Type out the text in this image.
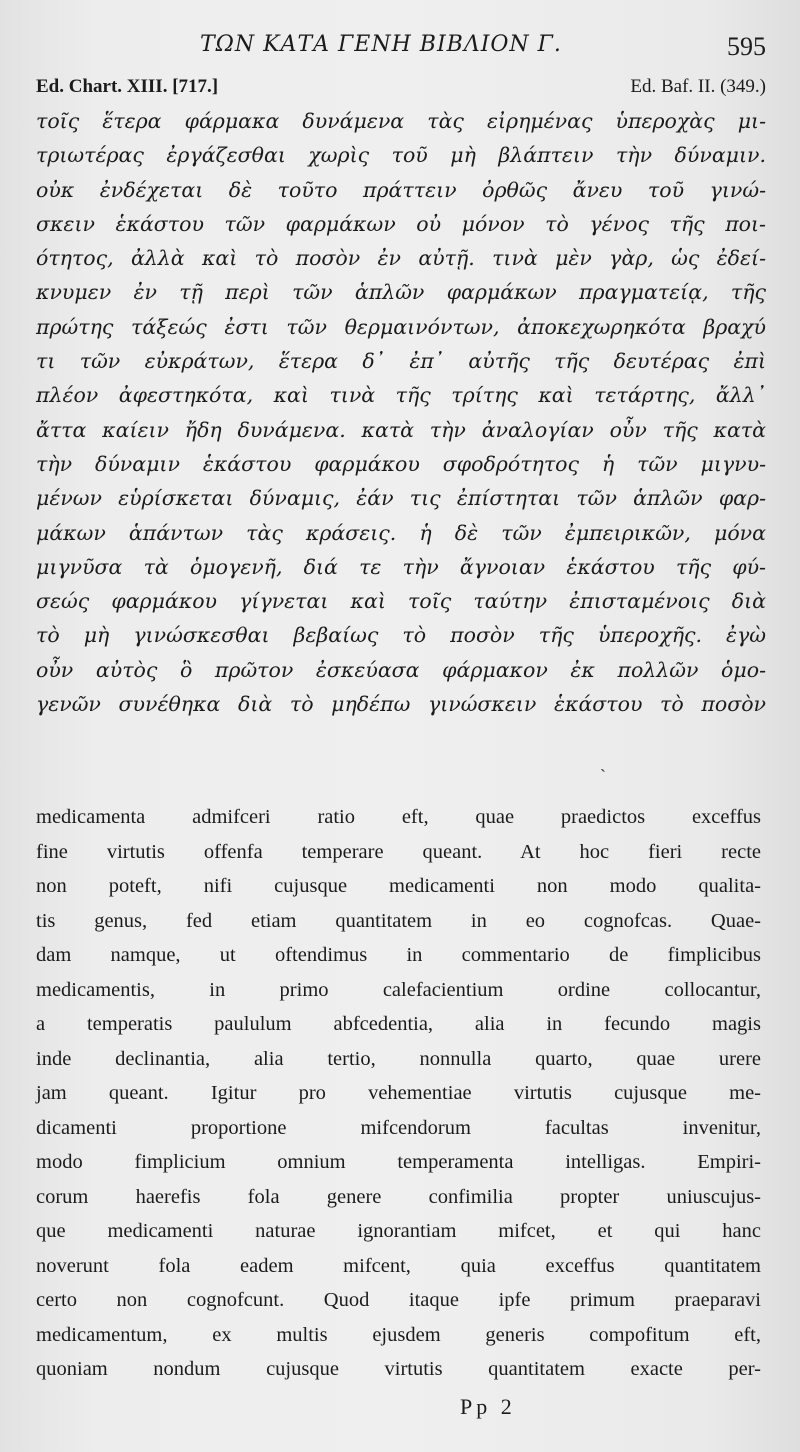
ΤΩΝ ΚΑΤΑ ΓΕΝΗ ΒΙΒΛΙΟΝ Γ.	595
Ed. Chart. XIII. [717.]	Ed. Baf. II. (349.)
τοῖς ἕτερα φάρμακα δυνάμενα τὰς εἰρημένας ὑπεροχὰς μι-
τριωτέρας ἐργάζεσθαι χωρὶς τοῦ μὴ βλάπτειν τὴν δύναμιν.
οὐκ ἐνδέχεται δὲ τοῦτο πράττειν ὀρθῶς ἄνευ τοῦ γινώ-
σκειν ἑκάστου τῶν φαρμάκων οὐ μόνον τὸ γένος τῆς ποι-
ότητος, ἀλλὰ καὶ τὸ ποσὸν ἐν αὐτῇ. τινὰ μὲν γὰρ, ὡς ἐδεί-
κνυμεν ἐν τῇ περὶ τῶν ἁπλῶν φαρμάκων πραγματείᾳ, τῆς
πρώτης τάξεώς ἐστι τῶν θερμαινόντων, ἀποκεχωρηκότα βραχύ
τι τῶν εὐκράτων, ἕτερα δ᾽ ἐπ᾽ αὐτῆς τῆς δευτέρας ἐπὶ
πλέον ἀφεστηκότα, καὶ τινὰ τῆς τρίτης καὶ τετάρτης, ἄλλ᾽
ἄττα καίειν ἤδη δυνάμενα. κατὰ τὴν ἀναλογίαν οὖν τῆς κατὰ
τὴν δύναμιν ἑκάστου φαρμάκου σφοδρότητος ἡ τῶν μιγνυ-
μένων εὑρίσκεται δύναμις, ἐάν τις ἐπίστηται τῶν ἁπλῶν φαρ-
μάκων ἁπάντων τὰς κράσεις. ἡ δὲ τῶν ἐμπειρικῶν, μόνα
μιγνῦσα τὰ ὁμογενῆ, διά τε τὴν ἄγνοιαν ἑκάστου τῆς φύ-
σεώς φαρμάκου γίγνεται καὶ τοῖς ταύτην ἐπισταμένοις διὰ
τὸ μὴ γινώσκεσθαι βεβαίως τὸ ποσὸν τῆς ὑπεροχῆς. ἐγὼ
οὖν αὐτὸς ὃ πρῶτον ἐσκεύασα φάρμακον ἐκ πολλῶν ὁμο-
γενῶν συνέθηκα διὰ τὸ μηδέπω γινώσκειν ἑκάστου τὸ ποσὸν
ˏ
medicamenta admifceri ratio eft, quae praedictos exceffus
fine virtutis offenfa temperare queant. At hoc fieri recte
non poteft, nifi cujusque medicamenti non modo qualita-
tis genus, fed etiam quantitatem in eo cognofcas. Quae-
dam namque, ut oftendimus in commentario de fimplicibus
medicamentis, in primo calefacientium ordine collocantur,
a temperatis paululum abfcedentia, alia in fecundo magis
inde declinantia, alia tertio, nonnulla quarto, quae urere
jam queant. Igitur pro vehementiae virtutis cujusque me-
dicamenti proportione mifcendorum facultas invenitur,
modo fimplicium omnium temperamenta intelligas. Empiri-
corum haerefis fola genere confimilia propter uniuscujus-
que medicamenti naturae ignorantiam mifcet, et qui hanc
noverunt fola eadem mifcent, quia exceffus quantitatem
certo non cognofcunt. Quod itaque ipfe primum praeparavi
medicamentum, ex multis ejusdem generis compofitum eft,
quoniam nondum cujusque virtutis quantitatem exacte per-
Pp 2
